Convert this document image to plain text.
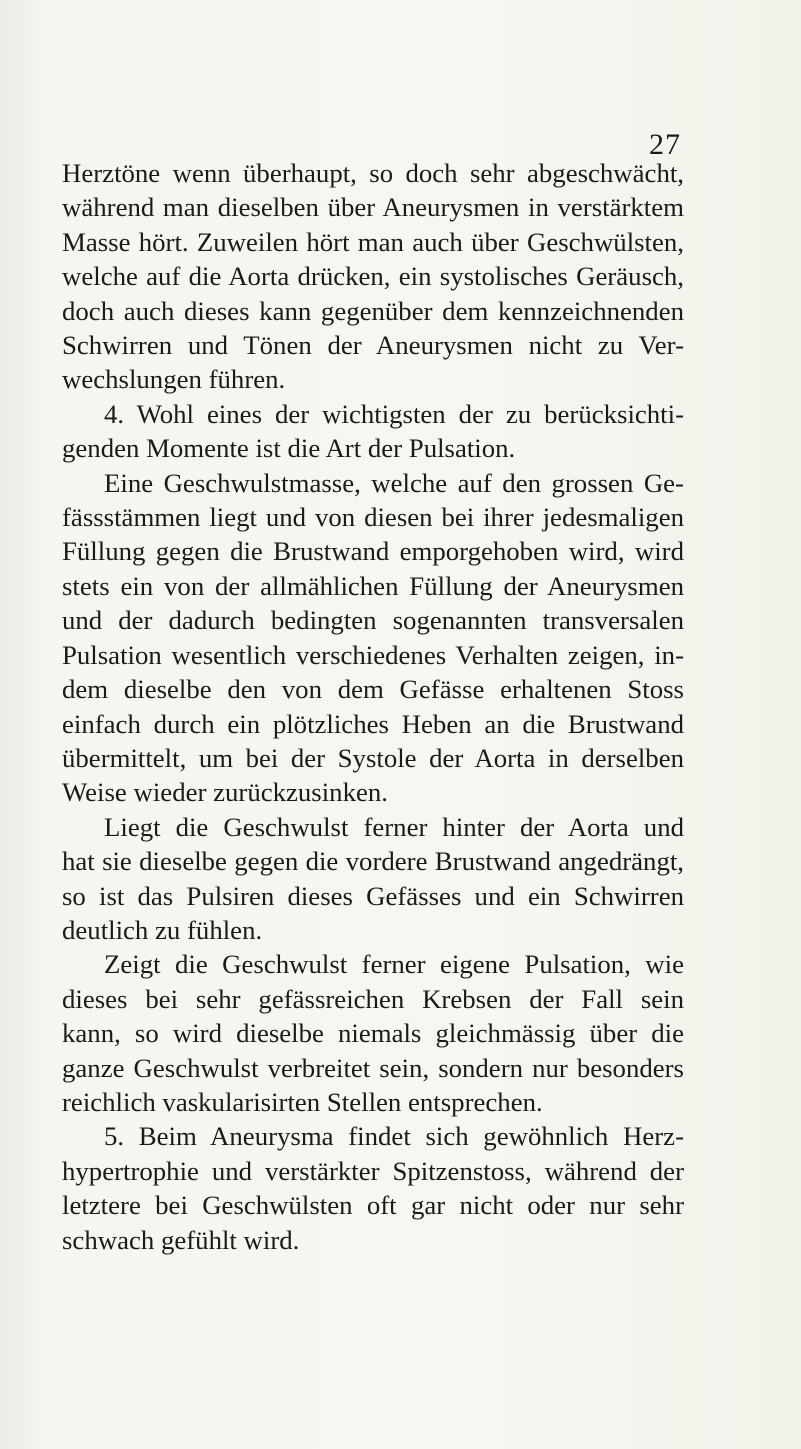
27
Herztöne wenn überhaupt, so doch sehr abgeschwächt,
während man dieselben über Aneurysmen in verstärktem
Masse hört. Zuweilen hört man auch über Geschwülsten,
welche auf die Aorta drücken, ein systolisches Geräusch,
doch auch dieses kann gegenüber dem kennzeichnenden
Schwirren und Tönen der Aneurysmen nicht zu Ver-
wechslungen führen.
4. Wohl eines der wichtigsten der zu berücksichti-
genden Momente ist die Art der Pulsation.
Eine Geschwulstmasse, welche auf den grossen Ge-
fässstämmen liegt und von diesen bei ihrer jedesmaligen
Füllung gegen die Brustwand emporgehoben wird, wird
stets ein von der allmählichen Füllung der Aneurysmen
und der dadurch bedingten sogenannten transversalen
Pulsation wesentlich verschiedenes Verhalten zeigen, in-
dem dieselbe den von dem Gefässe erhaltenen Stoss
einfach durch ein plötzliches Heben an die Brustwand
übermittelt, um bei der Systole der Aorta in derselben
Weise wieder zurückzusinken.
Liegt die Geschwulst ferner hinter der Aorta und
hat sie dieselbe gegen die vordere Brustwand angedrängt,
so ist das Pulsiren dieses Gefässes und ein Schwirren
deutlich zu fühlen.
Zeigt die Geschwulst ferner eigene Pulsation, wie
dieses bei sehr gefässreichen Krebsen der Fall sein
kann, so wird dieselbe niemals gleichmässig über die
ganze Geschwulst verbreitet sein, sondern nur besonders
reichlich vaskularisirten Stellen entsprechen.
5. Beim Aneurysma findet sich gewöhnlich Herz-
hypertrophie und verstärkter Spitzenstoss, während der
letztere bei Geschwülsten oft gar nicht oder nur sehr
schwach gefühlt wird.
